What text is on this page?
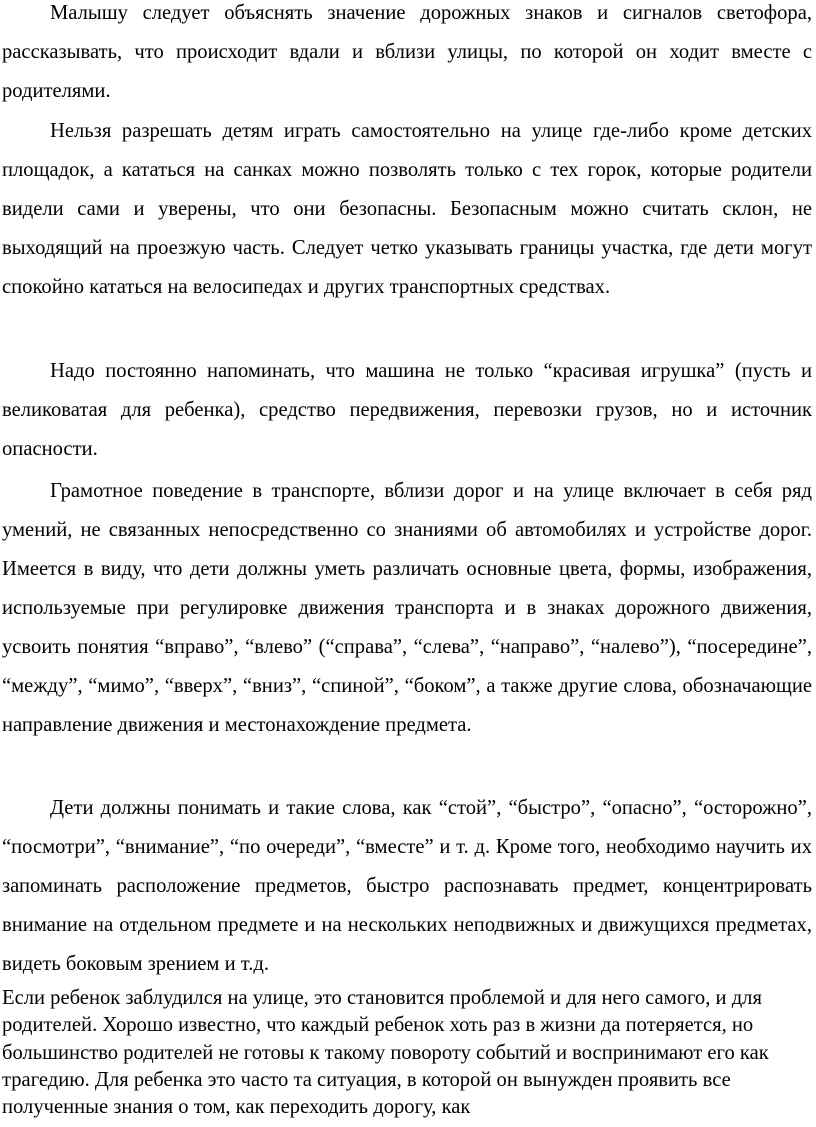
Малышу следует объяснять значение дорожных знаков и сигналов светофора, рассказывать, что происходит вдали и вблизи улицы, по которой он ходит вместе с родителями.

Нельзя разрешать детям играть самостоятельно на улице где-либо кроме детских площадок, а кататься на санках можно позволять только с тех горок, которые родители видели сами и уверены, что они безопасны. Безопасным можно считать склон, не выходящий на проезжую часть. Следует четко указывать границы участка, где дети могут спокойно кататься на велосипедах и других транспортных средствах.

Надо постоянно напоминать, что машина не только “красивая игрушка” (пусть и великоватая для ребенка), средство передвижения, перевозки грузов, но и источник опасности.

Грамотное поведение в транспорте, вблизи дорог и на улице включает в себя ряд умений, не связанных непосредственно со знаниями об автомобилях и устройстве дорог. Имеется в виду, что дети должны уметь различать основные цвета, формы, изображения, используемые при регулировке движения транспорта и в знаках дорожного движения, усвоить понятия “вправо”, “влево” (“справа”, “слева”, “направо”, “налево”), “посередине”, “между”, “мимо”, “вверх”, “вниз”, “спиной”, “боком”, а также другие слова, обозначающие направление движения и местонахождение предмета.

Дети должны понимать и такие слова, как “стой”, “быстро”, “опасно”, “осторожно”, “посмотри”, “внимание”, “по очереди”, “вместе” и т. д. Кроме того, необходимо научить их запоминать расположение предметов, быстро распознавать предмет, концентрировать внимание на отдельном предмете и на нескольких неподвижных и движущихся предметах, видеть боковым зрением и т.д.

Если ребенок заблудился на улице, это становится проблемой и для него самого, и для родителей. Хорошо известно, что каждый ребенок хоть раз в жизни да потеряется, но большинство родителей не готовы к такому повороту событий и воспринимают его как трагедию. Для ребенка это часто та ситуация, в которой он вынужден проявить все полученные знания о том, как переходить дорогу, как
